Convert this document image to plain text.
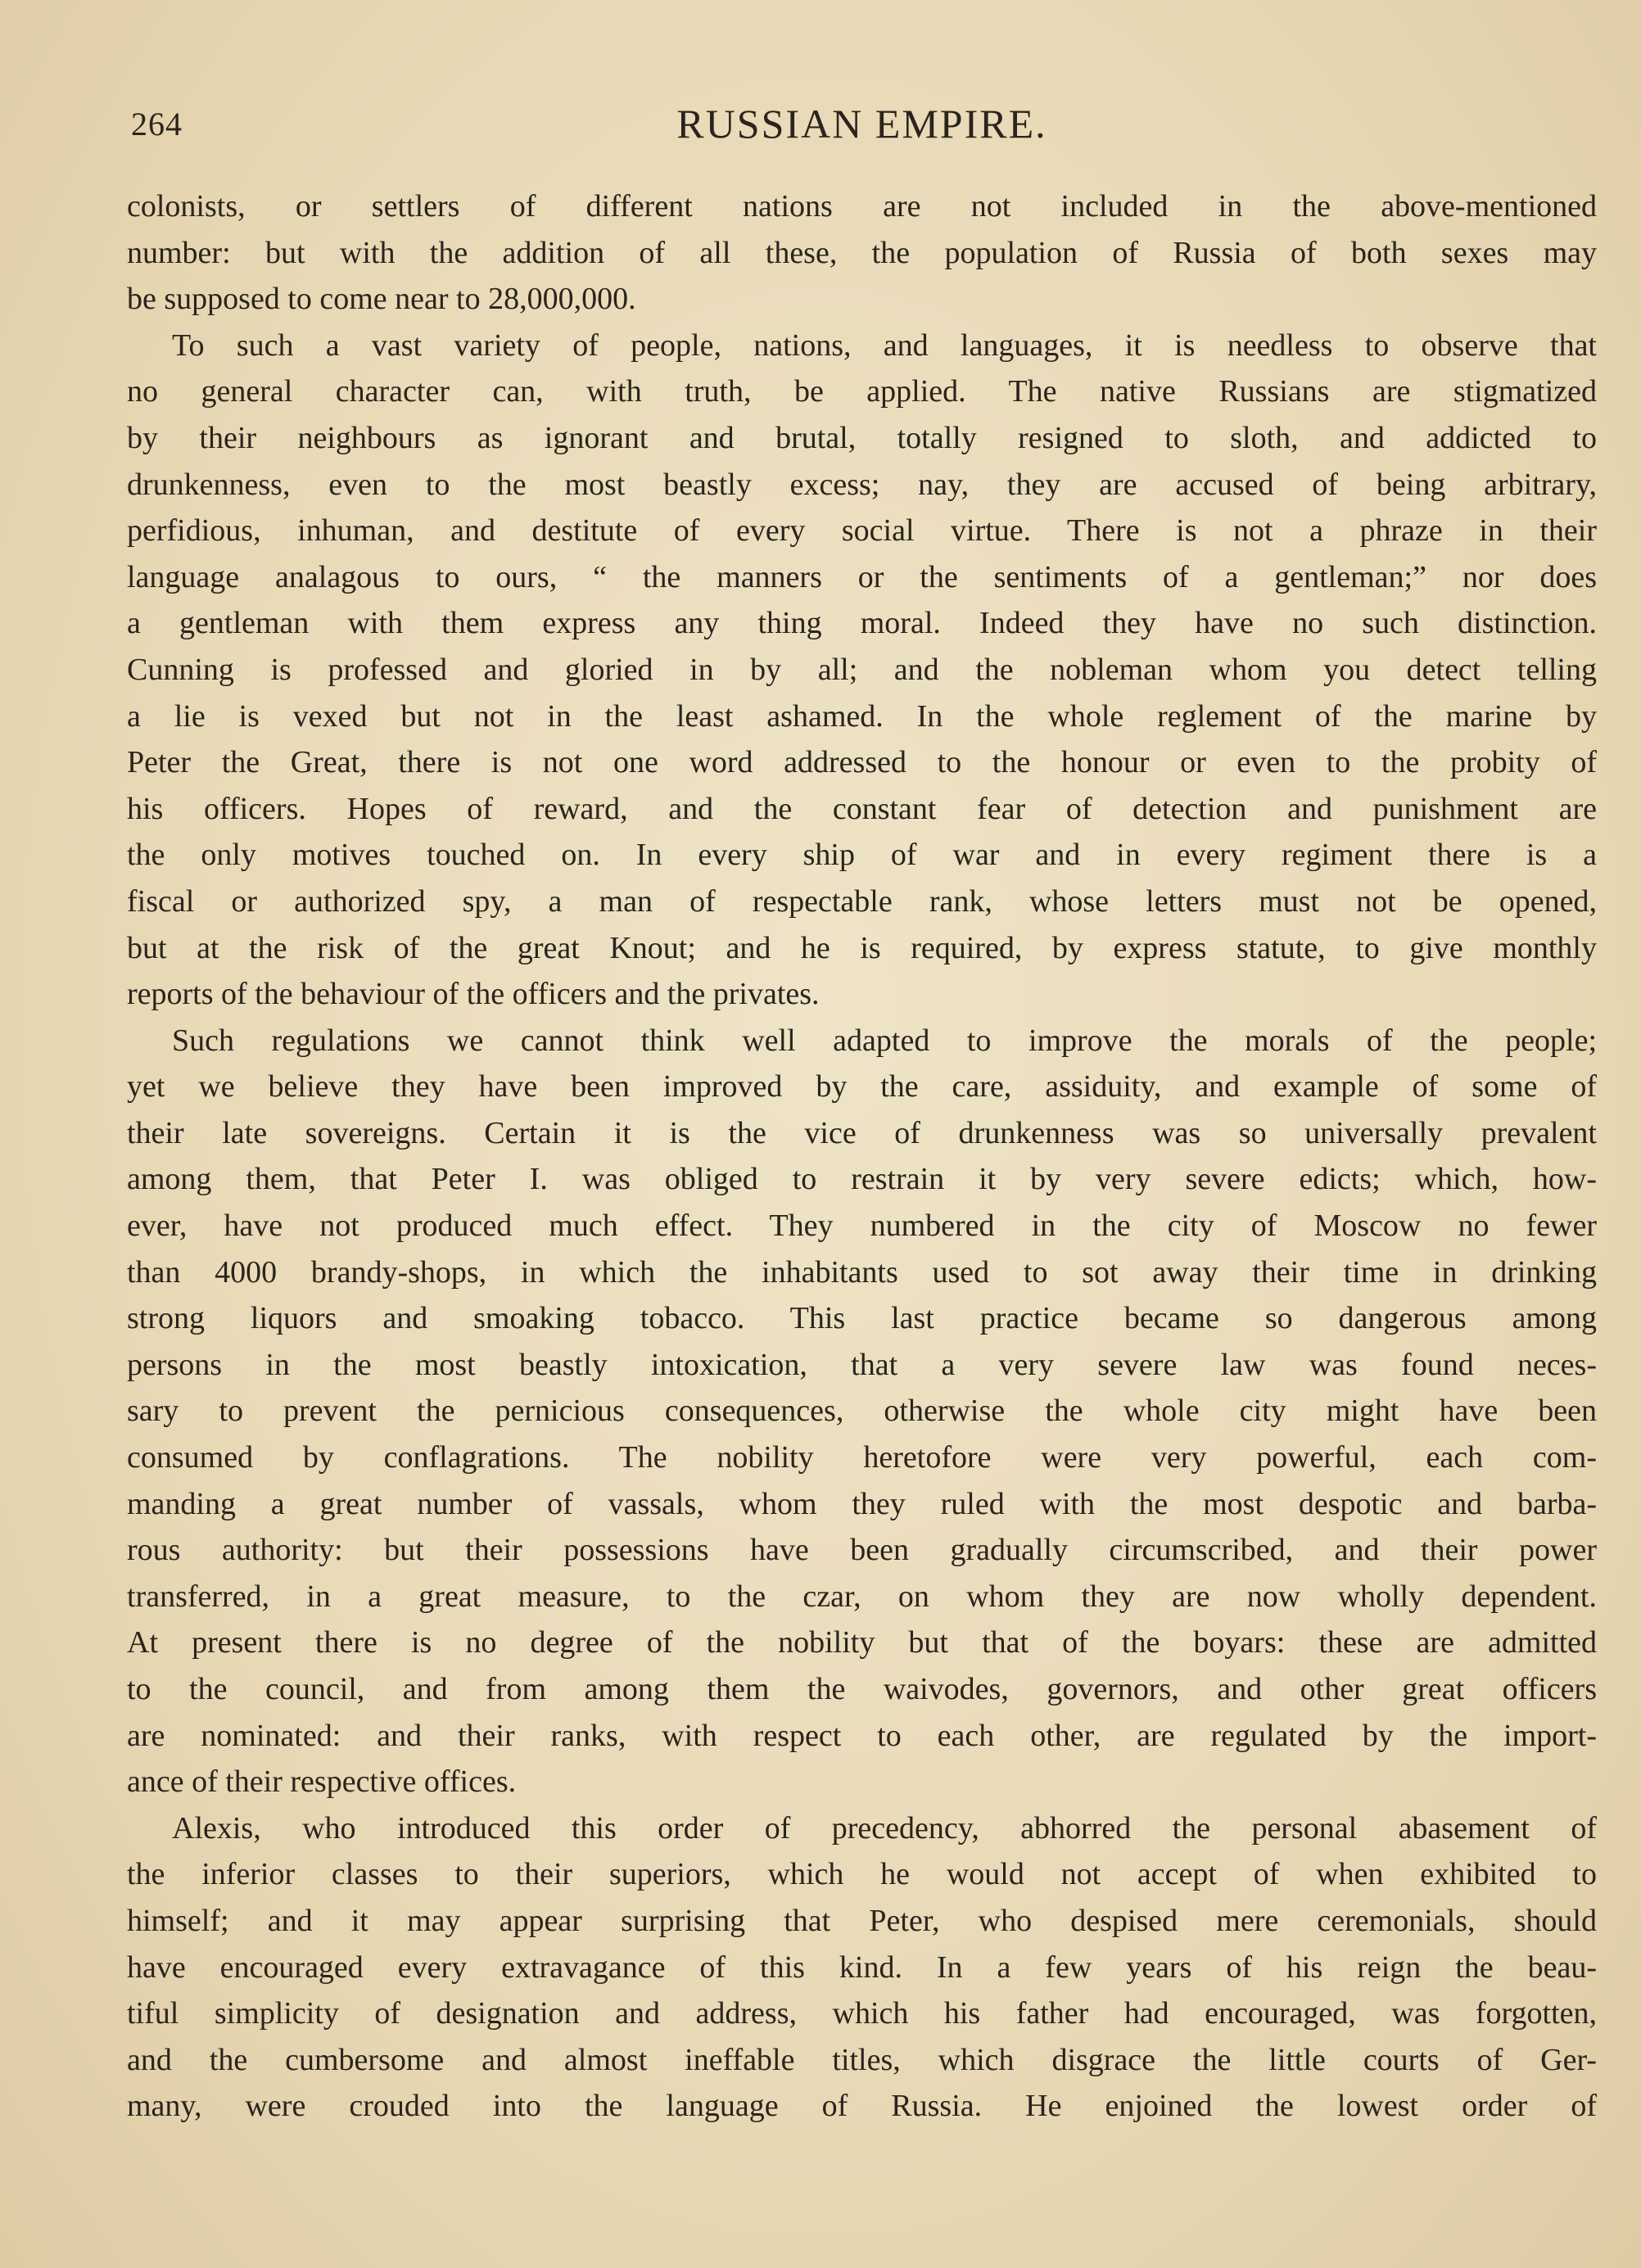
264	RUSSIAN EMPIRE.
colonists, or settlers of different nations are not included in the above-mentioned
number: but with the addition of all these, the population of Russia of both sexes may
be supposed to come near to 28,000,000.
To such a vast variety of people, nations, and languages, it is needless to observe that
no general character can, with truth, be applied. The native Russians are stigmatized
by their neighbours as ignorant and brutal, totally resigned to sloth, and addicted to
drunkenness, even to the most beastly excess; nay, they are accused of being arbitrary,
perfidious, inhuman, and destitute of every social virtue. There is not a phraze in their
language analagous to ours, “ the manners or the sentiments of a gentleman;” nor does
a gentleman with them express any thing moral. Indeed they have no such distinction.
Cunning is professed and gloried in by all; and the nobleman whom you detect telling
a lie is vexed but not in the least ashamed. In the whole reglement of the marine by
Peter the Great, there is not one word addressed to the honour or even to the probity of
his officers. Hopes of reward, and the constant fear of detection and punishment are
the only motives touched on. In every ship of war and in every regiment there is a
fiscal or authorized spy, a man of respectable rank, whose letters must not be opened,
but at the risk of the great Knout; and he is required, by express statute, to give monthly
reports of the behaviour of the officers and the privates.
Such regulations we cannot think well adapted to improve the morals of the people;
yet we believe they have been improved by the care, assiduity, and example of some of
their late sovereigns. Certain it is the vice of drunkenness was so universally prevalent
among them, that Peter I. was obliged to restrain it by very severe edicts; which, how-
ever, have not produced much effect. They numbered in the city of Moscow no fewer
than 4000 brandy-shops, in which the inhabitants used to sot away their time in drinking
strong liquors and smoaking tobacco. This last practice became so dangerous among
persons in the most beastly intoxication, that a very severe law was found neces-
sary to prevent the pernicious consequences, otherwise the whole city might have been
consumed by conflagrations. The nobility heretofore were very powerful, each com-
manding a great number of vassals, whom they ruled with the most despotic and barba-
rous authority: but their possessions have been gradually circumscribed, and their power
transferred, in a great measure, to the czar, on whom they are now wholly dependent.
At present there is no degree of the nobility but that of the boyars: these are admitted
to the council, and from among them the waivodes, governors, and other great officers
are nominated: and their ranks, with respect to each other, are regulated by the import-
ance of their respective offices.
Alexis, who introduced this order of precedency, abhorred the personal abasement of
the inferior classes to their superiors, which he would not accept of when exhibited to
himself; and it may appear surprising that Peter, who despised mere ceremonials, should
have encouraged every extravagance of this kind. In a few years of his reign the beau-
tiful simplicity of designation and address, which his father had encouraged, was forgotten,
and the cumbersome and almost ineffable titles, which disgrace the little courts of Ger-
many, were crouded into the language of Russia. He enjoined the lowest order of
